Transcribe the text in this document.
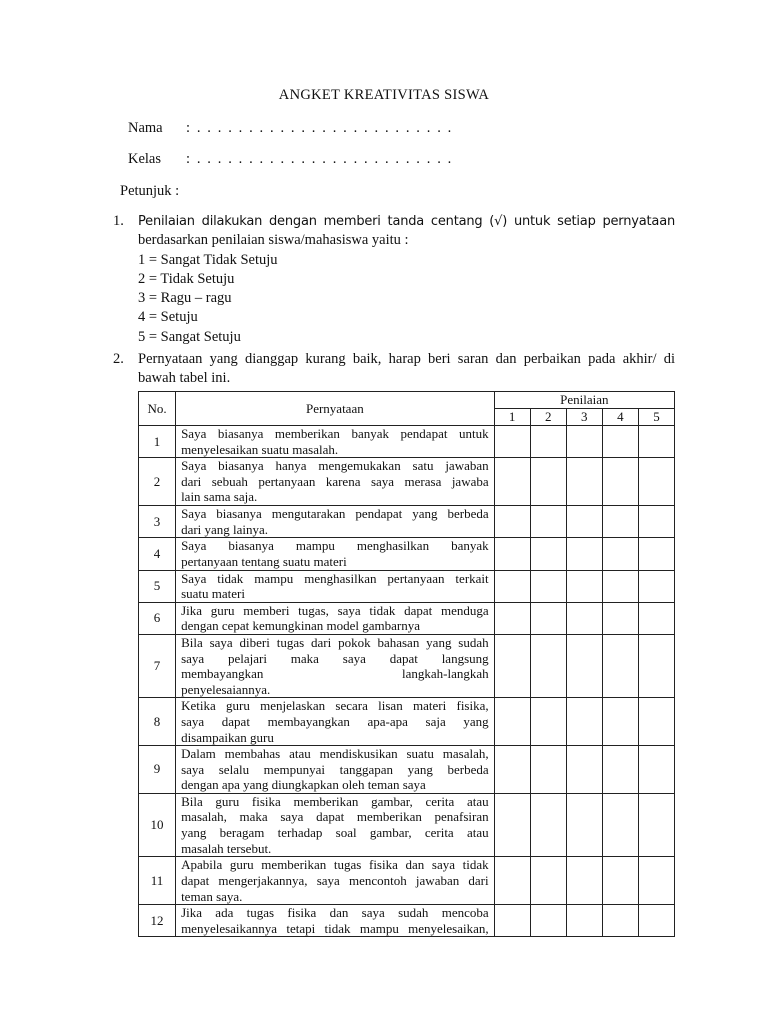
ANGKET KREATIVITAS SISWA
Nama : . . . . . . . . . . . . . . . . . . . . . . . . .
Kelas : . . . . . . . . . . . . . . . . . . . . . . . . .
Petunjuk :
1. Penilaian dilakukan dengan memberi tanda centang (√) untuk setiap pernyataan
berdasarkan penilaian siswa/mahasiswa yaitu :
1 = Sangat Tidak Setuju
2 = Tidak Setuju
3 = Ragu – ragu
4 = Setuju
5 = Sangat Setuju
2. Pernyataan yang dianggap kurang baik, harap beri saran dan perbaikan pada akhir/ di
bawah tabel ini.
No.	Pernyataan	Penilaian				
		1	2	3	4	5
1	Saya biasanya memberikan banyak pendapat untuk
menyelesaikan suatu masalah.					

2	Saya biasanya hanya mengemukakan satu jawaban
dari sebuah pertanyaan karena saya merasa jawaba
lain sama saja.					

3	Saya biasanya mengutarakan pendapat yang berbeda
dari yang lainya.					

4	Saya biasanya mampu menghasilkan banyak
pertanyaan tentang suatu materi					

5	Saya tidak mampu menghasilkan pertanyaan terkait
suatu materi					

6	Jika guru memberi tugas, saya tidak dapat menduga
dengan cepat kemungkinan model gambarnya					

7	Bila saya diberi tugas dari pokok bahasan yang sudah
saya pelajari maka saya dapat langsung
membayangkan langkah-langkah
penyelesaiannya.					

8	Ketika guru menjelaskan secara lisan materi fisika,
saya dapat membayangkan apa-apa saja yang
disampaikan guru					

9	Dalam membahas atau mendiskusikan suatu masalah,
saya selalu mempunyai tanggapan yang berbeda
dengan apa yang diungkapkan oleh teman saya					

10	Bila guru fisika memberikan gambar, cerita atau
masalah, maka saya dapat memberikan penafsiran
yang beragam terhadap soal gambar, cerita atau
masalah tersebut.					

11	Apabila guru memberikan tugas fisika dan saya tidak
dapat mengerjakannya, saya mencontoh jawaban dari
teman saya.					

12	Jika ada tugas fisika dan saya sudah mencoba
menyelesaikannya tetapi tidak mampu menyelesaikan,					
